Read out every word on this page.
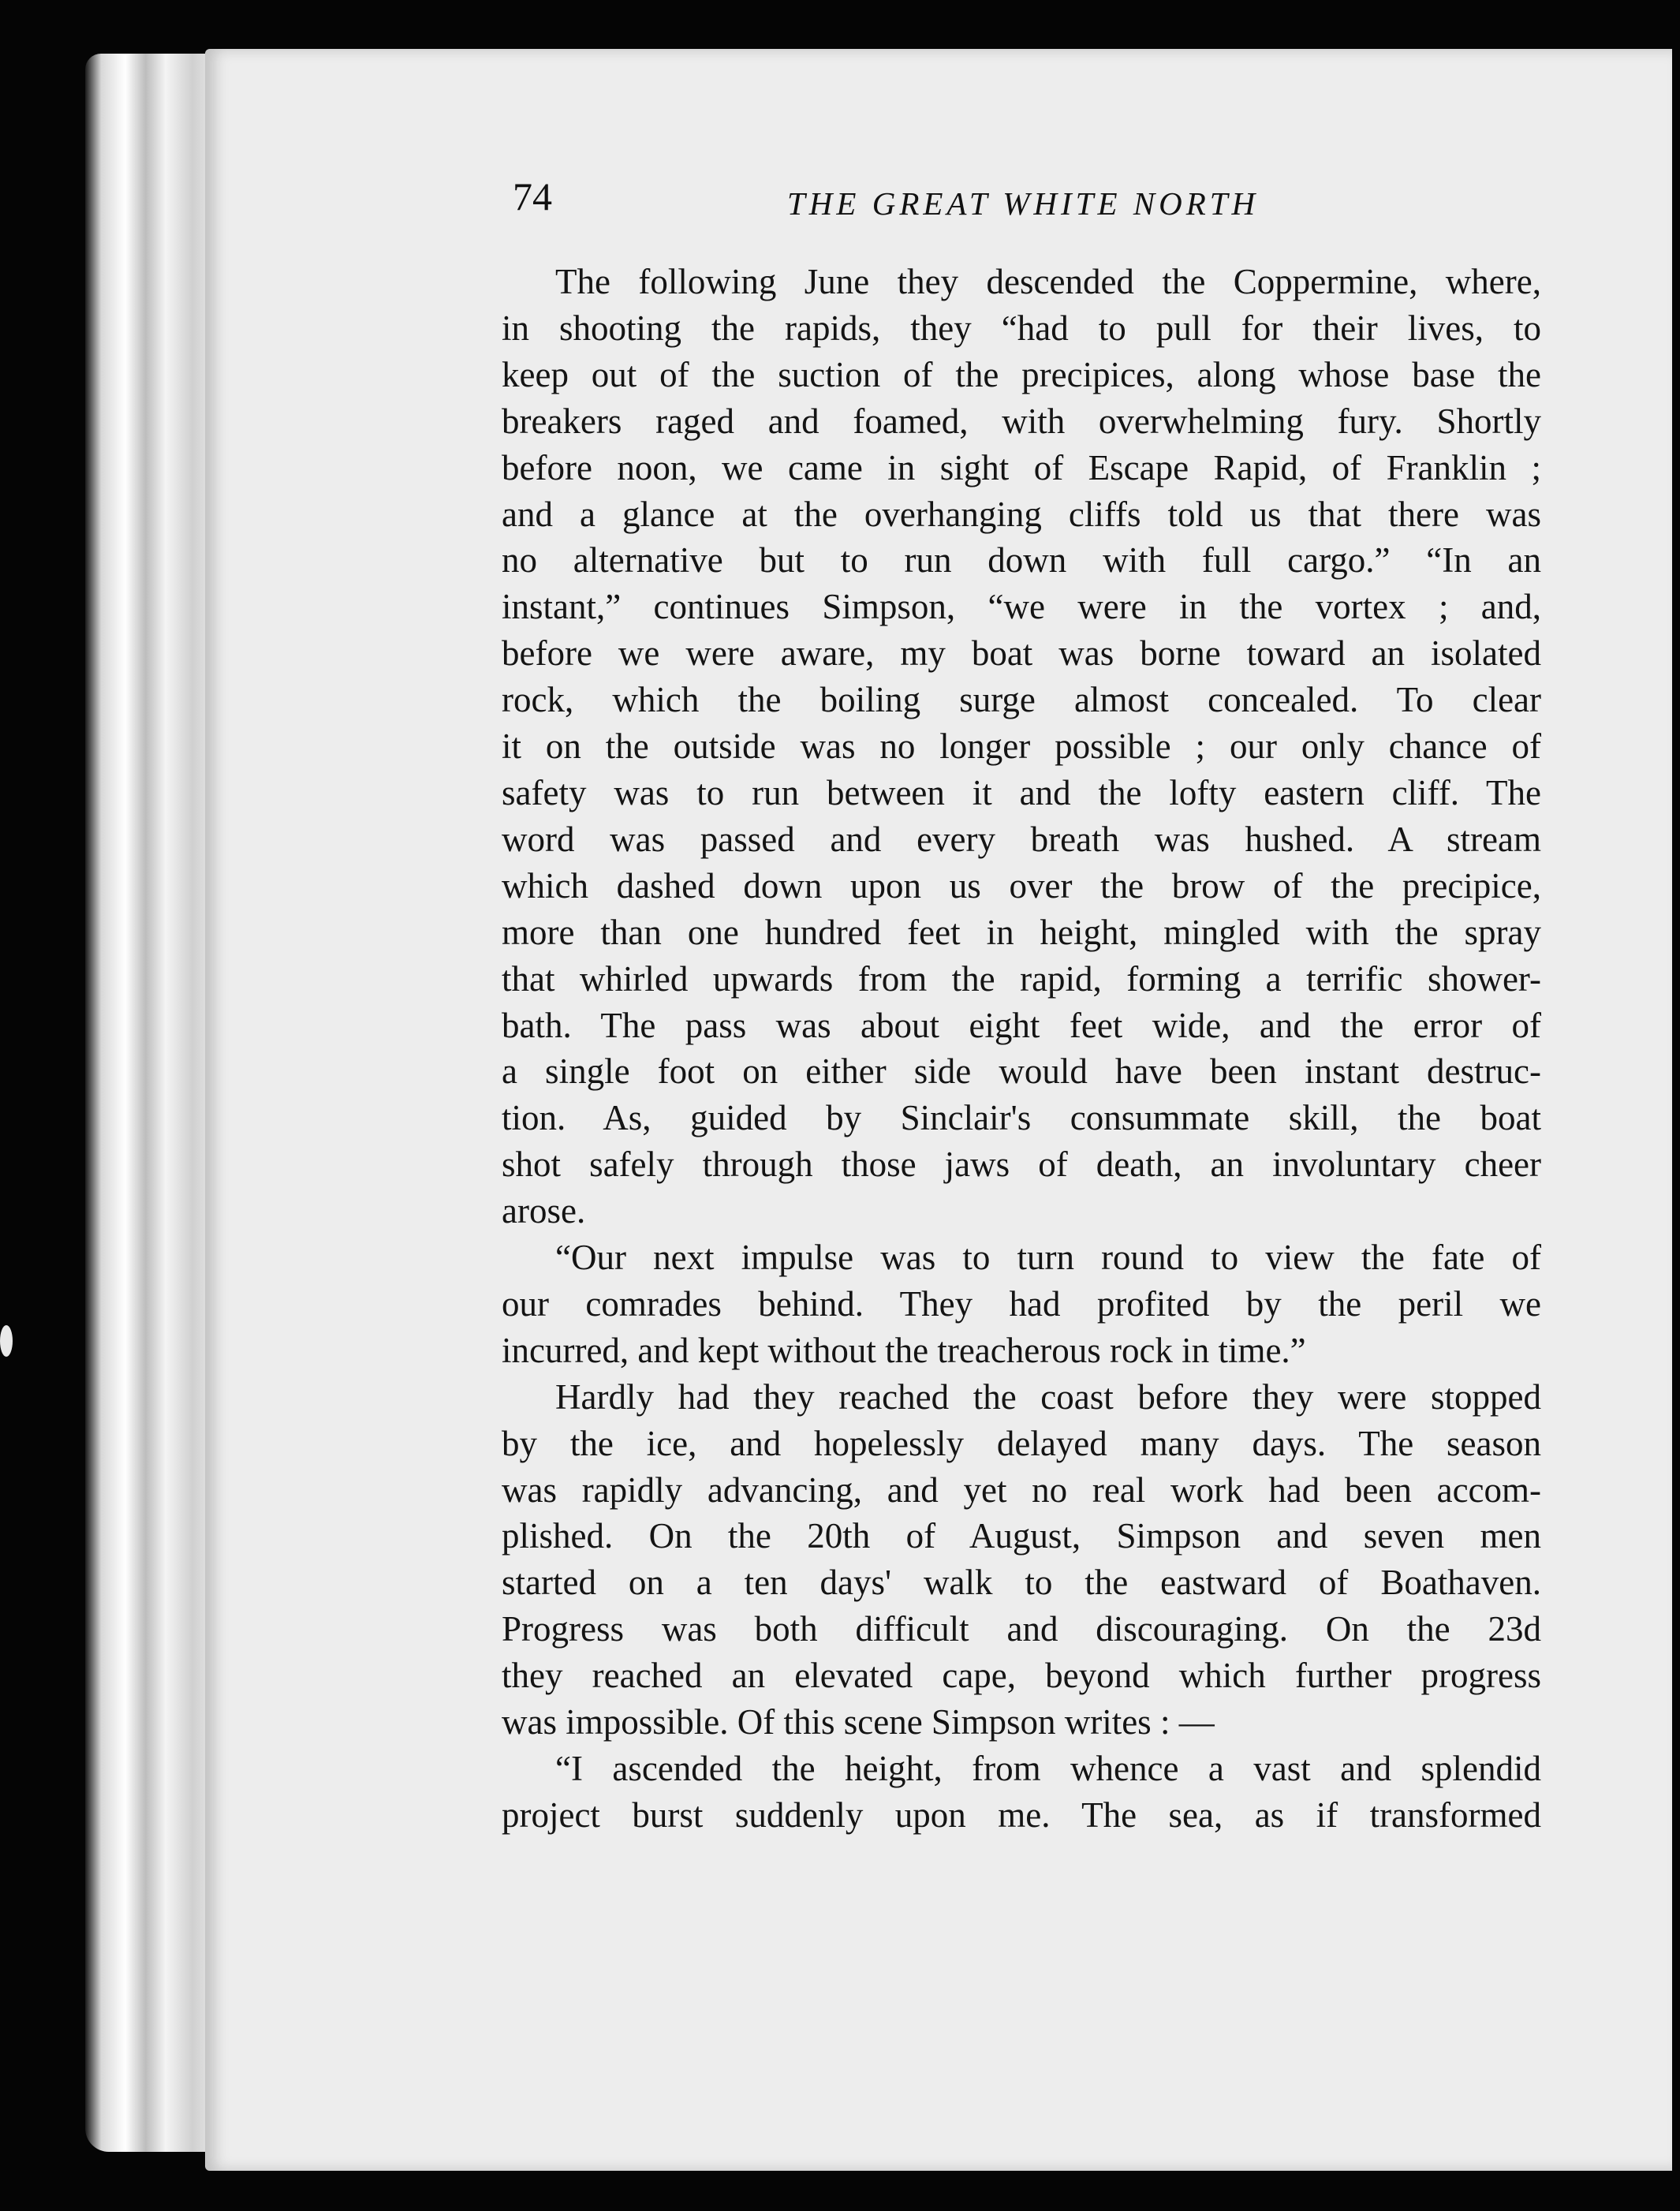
74	THE GREAT WHITE NORTH
The following June they descended the Coppermine, where,
in shooting the rapids, they “had to pull for their lives, to
keep out of the suction of the precipices, along whose base the
breakers raged and foamed, with overwhelming fury. Shortly
before noon, we came in sight of Escape Rapid, of Franklin ;
and a glance at the overhanging cliffs told us that there was
no alternative but to run down with full cargo.” “In an
instant,” continues Simpson, “we were in the vortex ; and,
before we were aware, my boat was borne toward an isolated
rock, which the boiling surge almost concealed. To clear
it on the outside was no longer possible ; our only chance of
safety was to run between it and the lofty eastern cliff. The
word was passed and every breath was hushed. A stream
which dashed down upon us over the brow of the precipice,
more than one hundred feet in height, mingled with the spray
that whirled upwards from the rapid, forming a terrific shower-
bath. The pass was about eight feet wide, and the error of
a single foot on either side would have been instant destruc-
tion. As, guided by Sinclair's consummate skill, the boat
shot safely through those jaws of death, an involuntary cheer
arose.
“Our next impulse was to turn round to view the fate of
our comrades behind. They had profited by the peril we
incurred, and kept without the treacherous rock in time.”
Hardly had they reached the coast before they were stopped
by the ice, and hopelessly delayed many days. The season
was rapidly advancing, and yet no real work had been accom-
plished. On the 20th of August, Simpson and seven men
started on a ten days' walk to the eastward of Boathaven.
Progress was both difficult and discouraging. On the 23d
they reached an elevated cape, beyond which further progress
was impossible. Of this scene Simpson writes : —
“I ascended the height, from whence a vast and splendid
project burst suddenly upon me. The sea, as if transformed
